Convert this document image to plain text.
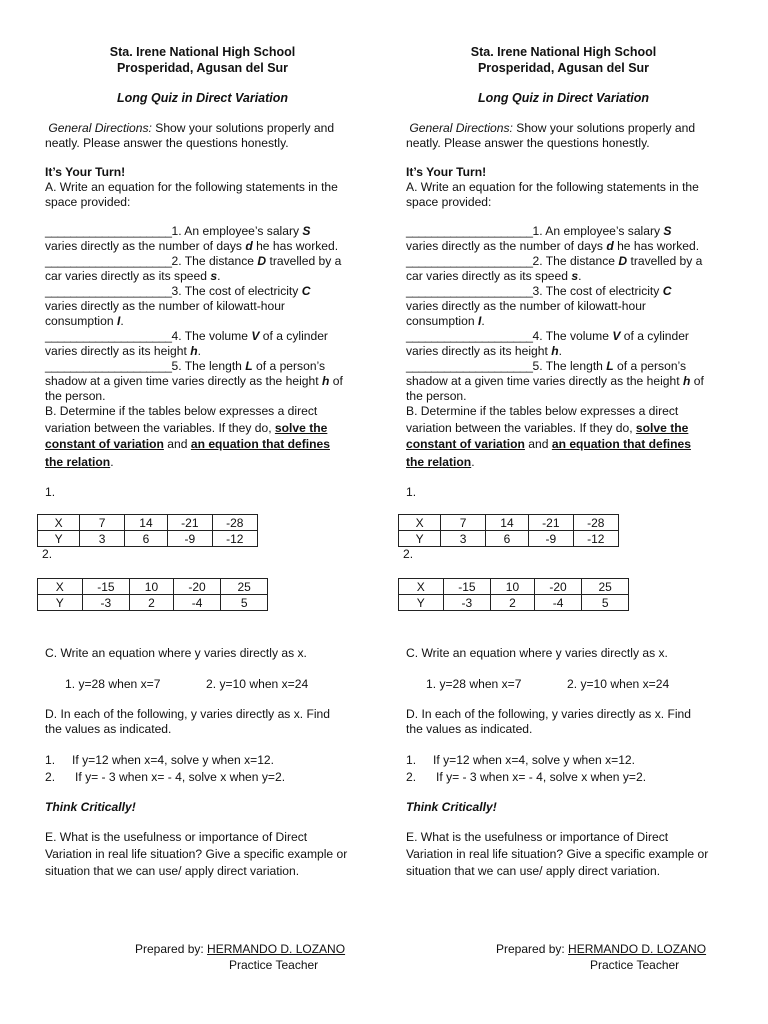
Sta. Irene National High School
Prosperidad, Agusan del Sur
Long Quiz in Direct Variation
General Directions: Show your solutions properly and
neatly. Please answer the questions honestly.
It’s Your Turn!
A. Write an equation for the following statements in the
space provided:
____________________1. An employee’s salary S
varies directly as the number of days d he has worked.
____________________2. The distance D travelled by a
car varies directly as its speed s.
____________________3. The cost of electricity C
varies directly as the number of kilowatt-hour
consumption I.
____________________4. The volume V of a cylinder
varies directly as its height h.
____________________5. The length L of a person’s
shadow at a given time varies directly as the height h of
the person.
B. Determine if the tables below expresses a direct
variation between the variables. If they do, solve the
constant of variation and an equation that defines
the relation.
1.
X	7	14	-21	-28
Y	3	6	-9	-12
2.
X	-15	10	-20	25
Y	-3	2	-4	5
C. Write an equation where y varies directly as x.
1. y=28 when x=7	2. y=10 when x=24
D. In each of the following, y varies directly as x. Find
the values as indicated.
1. If y=12 when x=4, solve y when x=12.
2. If y= - 3 when x= - 4, solve x when y=2.
Think Critically!
E. What is the usefulness or importance of Direct
Variation in real life situation? Give a specific example or
situation that we can use/ apply direct variation.
Prepared by: HERMANDO D. LOZANO
Practice Teacher
Sta. Irene National High School
Prosperidad, Agusan del Sur
Long Quiz in Direct Variation
General Directions: Show your solutions properly and
neatly. Please answer the questions honestly.
It’s Your Turn!
A. Write an equation for the following statements in the
space provided:
____________________1. An employee’s salary S
varies directly as the number of days d he has worked.
____________________2. The distance D travelled by a
car varies directly as its speed s.
____________________3. The cost of electricity C
varies directly as the number of kilowatt-hour
consumption I.
____________________4. The volume V of a cylinder
varies directly as its height h.
____________________5. The length L of a person’s
shadow at a given time varies directly as the height h of
the person.
B. Determine if the tables below expresses a direct
variation between the variables. If they do, solve the
constant of variation and an equation that defines
the relation.
1.
X	7	14	-21	-28
Y	3	6	-9	-12
2.
X	-15	10	-20	25
Y	-3	2	-4	5
C. Write an equation where y varies directly as x.
1. y=28 when x=7	2. y=10 when x=24
D. In each of the following, y varies directly as x. Find
the values as indicated.
1. If y=12 when x=4, solve y when x=12.
2. If y= - 3 when x= - 4, solve x when y=2.
Think Critically!
E. What is the usefulness or importance of Direct
Variation in real life situation? Give a specific example or
situation that we can use/ apply direct variation.
Prepared by: HERMANDO D. LOZANO
Practice Teacher
